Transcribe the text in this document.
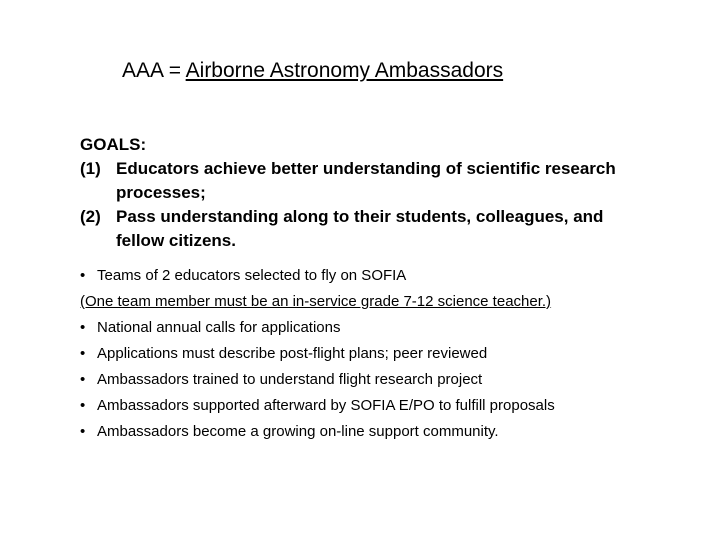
AAA = Airborne Astronomy Ambassadors
GOALS:
(1) Educators achieve better understanding of scientific research
processes;
(2) Pass understanding along to their students, colleagues, and
fellow citizens.
• Teams of 2 educators selected to fly on SOFIA
(One team member must be an in-service grade 7-12 science teacher.)
• National annual calls for applications
• Applications must describe post-flight plans; peer reviewed
• Ambassadors trained to understand flight research project
• Ambassadors supported afterward by SOFIA E/PO to fulfill proposals
• Ambassadors become a growing on-line support community.
